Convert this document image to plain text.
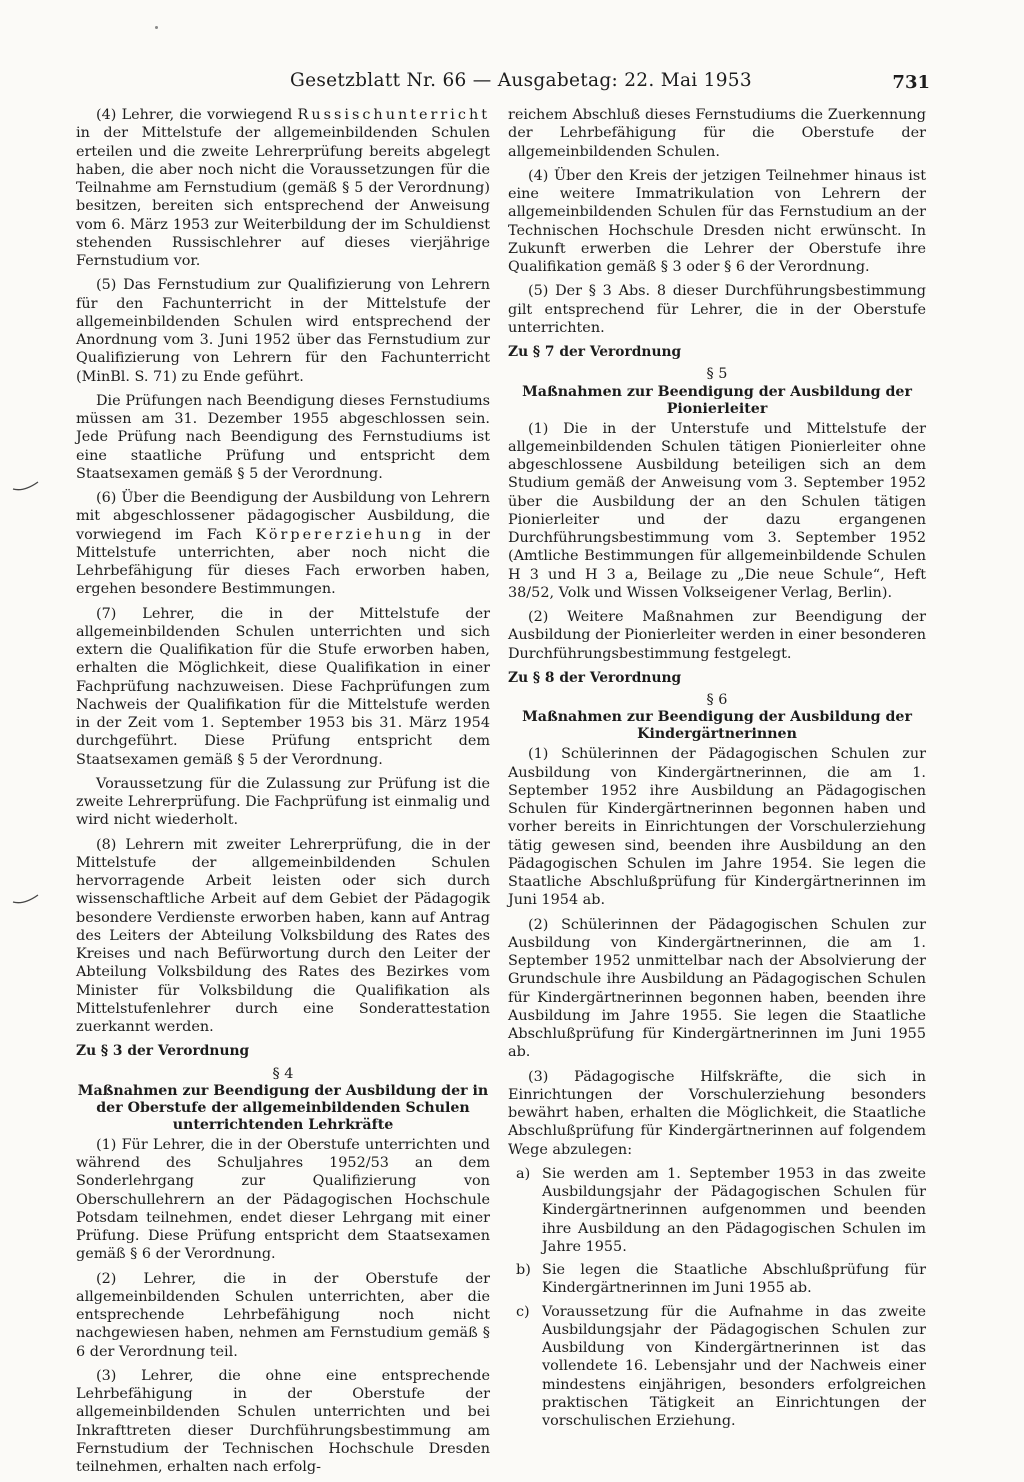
Gesetzblatt Nr. 66 — Ausgabetag: 22. Mai 1953	731

(4) Lehrer, die vorwiegend Russischunterricht in der Mittelstufe der allgemeinbildenden Schulen erteilen und die zweite Lehrerprüfung bereits abgelegt haben, die aber noch nicht die Voraussetzungen für die Teilnahme am Fernstudium (gemäß § 5 der Verordnung) besitzen, bereiten sich entsprechend der Anweisung vom 6. März 1953 zur Weiterbildung der im Schuldienst stehenden Russischlehrer auf dieses vierjährige Fernstudium vor.

(5) Das Fernstudium zur Qualifizierung von Lehrern für den Fachunterricht in der Mittelstufe der allgemeinbildenden Schulen wird entsprechend der Anordnung vom 3. Juni 1952 über das Fernstudium zur Qualifizierung von Lehrern für den Fachunterricht (MinBl. S. 71) zu Ende geführt.

Die Prüfungen nach Beendigung dieses Fernstudiums müssen am 31. Dezember 1955 abgeschlossen sein. Jede Prüfung nach Beendigung des Fernstudiums ist eine staatliche Prüfung und entspricht dem Staatsexamen gemäß § 5 der Verordnung.

(6) Über die Beendigung der Ausbildung von Lehrern mit abgeschlossener pädagogischer Ausbildung, die vorwiegend im Fach Körpererziehung in der Mittelstufe unterrichten, aber noch nicht die Lehrbefähigung für dieses Fach erworben haben, ergehen besondere Bestimmungen.

(7) Lehrer, die in der Mittelstufe der allgemeinbildenden Schulen unterrichten und sich extern die Qualifikation für die Stufe erworben haben, erhalten die Möglichkeit, diese Qualifikation in einer Fachprüfung nachzuweisen. Diese Fachprüfungen zum Nachweis der Qualifikation für die Mittelstufe werden in der Zeit vom 1. September 1953 bis 31. März 1954 durchgeführt. Diese Prüfung entspricht dem Staatsexamen gemäß § 5 der Verordnung.

Voraussetzung für die Zulassung zur Prüfung ist die zweite Lehrerprüfung. Die Fachprüfung ist einmalig und wird nicht wiederholt.

(8) Lehrern mit zweiter Lehrerprüfung, die in der Mittelstufe der allgemeinbildenden Schulen hervorragende Arbeit leisten oder sich durch wissenschaftliche Arbeit auf dem Gebiet der Pädagogik besondere Verdienste erworben haben, kann auf Antrag des Leiters der Abteilung Volksbildung des Rates des Kreises und nach Befürwortung durch den Leiter der Abteilung Volksbildung des Rates des Bezirkes vom Minister für Volksbildung die Qualifikation als Mittelstufenlehrer durch eine Sonderattestation zuerkannt werden.

Zu § 3 der Verordnung
§ 4
Maßnahmen zur Beendigung der Ausbildung der in der Oberstufe der allgemeinbildenden Schulen unterrichtenden Lehrkräfte

(1) Für Lehrer, die in der Oberstufe unterrichten und während des Schuljahres 1952/53 an dem Sonderlehrgang zur Qualifizierung von Oberschullehrern an der Pädagogischen Hochschule Potsdam teilnehmen, endet dieser Lehrgang mit einer Prüfung. Diese Prüfung entspricht dem Staatsexamen gemäß § 6 der Verordnung.

(2) Lehrer, die in der Oberstufe der allgemeinbildenden Schulen unterrichten, aber die entsprechende Lehrbefähigung noch nicht nachgewiesen haben, nehmen am Fernstudium gemäß § 6 der Verordnung teil.

(3) Lehrer, die ohne eine entsprechende Lehrbefähigung in der Oberstufe der allgemeinbildenden Schulen unterrichten und bei Inkrafttreten dieser Durchführungsbestimmung am Fernstudium der Technischen Hochschule Dresden teilnehmen, erhalten nach erfolg-

reichem Abschluß dieses Fernstudiums die Zuerkennung der Lehrbefähigung für die Oberstufe der allgemeinbildenden Schulen.

(4) Über den Kreis der jetzigen Teilnehmer hinaus ist eine weitere Immatrikulation von Lehrern der allgemeinbildenden Schulen für das Fernstudium an der Technischen Hochschule Dresden nicht erwünscht. In Zukunft erwerben die Lehrer der Oberstufe ihre Qualifikation gemäß § 3 oder § 6 der Verordnung.

(5) Der § 3 Abs. 8 dieser Durchführungsbestimmung gilt entsprechend für Lehrer, die in der Oberstufe unterrichten.

Zu § 7 der Verordnung
§ 5
Maßnahmen zur Beendigung der Ausbildung der Pionierleiter

(1) Die in der Unterstufe und Mittelstufe der allgemeinbildenden Schulen tätigen Pionierleiter ohne abgeschlossene Ausbildung beteiligen sich an dem Studium gemäß der Anweisung vom 3. September 1952 über die Ausbildung der an den Schulen tätigen Pionierleiter und der dazu ergangenen Durchführungsbestimmung vom 3. September 1952 (Amtliche Bestimmungen für allgemeinbildende Schulen H 3 und H 3 a, Beilage zu „Die neue Schule“, Heft 38/52, Volk und Wissen Volkseigener Verlag, Berlin).

(2) Weitere Maßnahmen zur Beendigung der Ausbildung der Pionierleiter werden in einer besonderen Durchführungsbestimmung festgelegt.

Zu § 8 der Verordnung
§ 6
Maßnahmen zur Beendigung der Ausbildung der Kindergärtnerinnen

(1) Schülerinnen der Pädagogischen Schulen zur Ausbildung von Kindergärtnerinnen, die am 1. September 1952 ihre Ausbildung an Pädagogischen Schulen für Kindergärtnerinnen begonnen haben und vorher bereits in Einrichtungen der Vorschulerziehung tätig gewesen sind, beenden ihre Ausbildung an den Pädagogischen Schulen im Jahre 1954. Sie legen die Staatliche Abschlußprüfung für Kindergärtnerinnen im Juni 1954 ab.

(2) Schülerinnen der Pädagogischen Schulen zur Ausbildung von Kindergärtnerinnen, die am 1. September 1952 unmittelbar nach der Absolvierung der Grundschule ihre Ausbildung an Pädagogischen Schulen für Kindergärtnerinnen begonnen haben, beenden ihre Ausbildung im Jahre 1955. Sie legen die Staatliche Abschlußprüfung für Kindergärtnerinnen im Juni 1955 ab.

(3) Pädagogische Hilfskräfte, die sich in Einrichtungen der Vorschulerziehung besonders bewährt haben, erhalten die Möglichkeit, die Staatliche Abschlußprüfung für Kindergärtnerinnen auf folgendem Wege abzulegen:

a) Sie werden am 1. September 1953 in das zweite Ausbildungsjahr der Pädagogischen Schulen für Kindergärtnerinnen aufgenommen und beenden ihre Ausbildung an den Pädagogischen Schulen im Jahre 1955.
b) Sie legen die Staatliche Abschlußprüfung für Kindergärtnerinnen im Juni 1955 ab.
c) Voraussetzung für die Aufnahme in das zweite Ausbildungsjahr der Pädagogischen Schulen zur Ausbildung von Kindergärtnerinnen ist das vollendete 16. Lebensjahr und der Nachweis einer mindestens einjährigen, besonders erfolgreichen praktischen Tätigkeit an Einrichtungen der vorschulischen Erziehung.
